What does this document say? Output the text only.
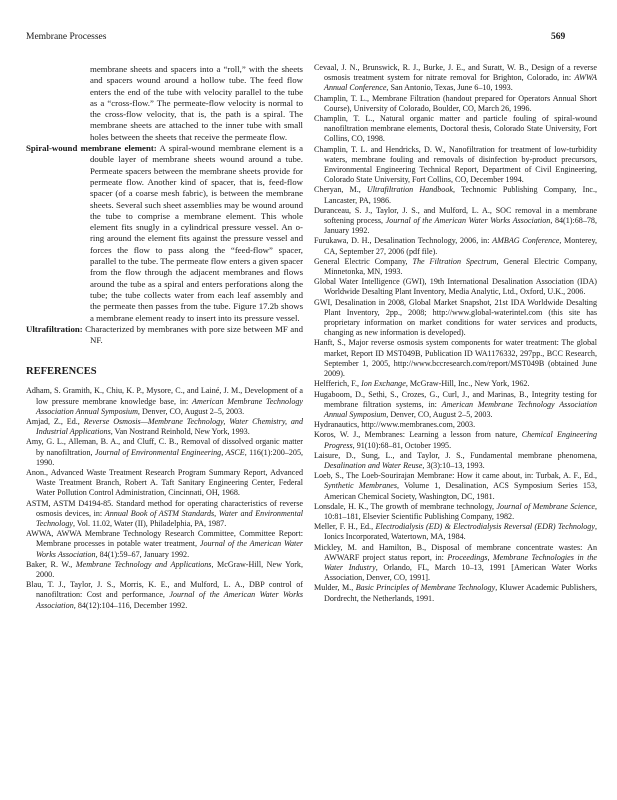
Membrane Processes	569

membrane sheets and spacers into a “roll,” with the sheets and spacers wound around a hollow tube. The feed flow enters the end of the tube with velocity parallel to the tube as a “cross-flow.” The permeate-flow velocity is normal to the cross-flow velocity, that is, the path is a spiral. The membrane sheets are attached to the inner tube with small holes between the sheets that receive the permeate flow.

Spiral-wound membrane element: A spiral-wound membrane element is a double layer of membrane sheets wound around a tube. Permeate spacers between the membrane sheets provide for permeate flow. Another kind of spacer, that is, feed-flow spacer (of a coarse mesh fabric), is between the membrane sheets. Several such sheet assemblies may be wound around the tube to comprise a membrane element. This whole element fits snugly in a cylindrical pressure vessel. An o-ring around the element fits against the pressure vessel and forces the flow to pass along the “feed-flow” spacer, parallel to the tube. The permeate flow enters a given spacer from the flow through the adjacent membranes and flows around the tube as a spiral and enters perforations along the tube; the tube collects water from each leaf assembly and the permeate then passes from the tube. Figure 17.2b shows a membrane element ready to insert into its pressure vessel.

Ultrafiltration: Characterized by membranes with pore size between MF and NF.

REFERENCES

Adham, S. Gramith, K., Chiu, K. P., Mysore, C., and Lainé, J. M., Development of a low pressure membrane knowledge base, in: American Membrane Technology Association Annual Symposium, Denver, CO, August 2–5, 2003.

Amjad, Z., Ed., Reverse Osmosis—Membrane Technology, Water Chemistry, and Industrial Applications, Van Nostrand Reinhold, New York, 1993.

Amy, G. L., Alleman, B. A., and Cluff, C. B., Removal of dissolved organic matter by nanofiltration, Journal of Environmental Engineering, ASCE, 116(1):200–205, 1990.

Anon., Advanced Waste Treatment Research Program Summary Report, Advanced Waste Treatment Branch, Robert A. Taft Sanitary Engineering Center, Federal Water Pollution Control Administration, Cincinnati, OH, 1968.

ASTM, ASTM D4194-85. Standard method for operating characteristics of reverse osmosis devices, in: Annual Book of ASTM Standards, Water and Environmental Technology, Vol. 11.02, Water (II), Philadelphia, PA, 1987.

AWWA, AWWA Membrane Technology Research Committee, Committee Report: Membrane processes in potable water treatment, Journal of the American Water Works Association, 84(1):59–67, January 1992.

Baker, R. W., Membrane Technology and Applications, McGraw-Hill, New York, 2000.

Blau, T. J., Taylor, J. S., Morris, K. E., and Mulford, L. A., DBP control of nanofiltration: Cost and performance, Journal of the American Water Works Association, 84(12):104–116, December 1992.

Cevaal, J. N., Brunswick, R. J., Burke, J. E., and Suratt, W. B., Design of a reverse osmosis treatment system for nitrate removal for Brighton, Colorado, in: AWWA Annual Conference, San Antonio, Texas, June 6–10, 1993.

Champlin, T. L., Membrane Filtration (handout prepared for Operators Annual Short Course), University of Colorado, Boulder, CO, March 26, 1996.

Champlin, T. L., Natural organic matter and particle fouling of spiral-wound nanofiltration membrane elements, Doctoral thesis, Colorado State University, Fort Collins, CO, 1998.

Champlin, T. L. and Hendricks, D. W., Nanofiltration for treatment of low-turbidity waters, membrane fouling and removals of disinfection by-product precursors, Environmental Engineering Technical Report, Department of Civil Engineering, Colorado State University, Fort Collins, CO, December 1994.

Cheryan, M., Ultrafiltration Handbook, Technomic Publishing Company, Inc., Lancaster, PA, 1986.

Duranceau, S. J., Taylor, J. S., and Mulford, L. A., SOC removal in a membrane softening process, Journal of the American Water Works Association, 84(1):68–78, January 1992.

Furukawa, D. H., Desalination Technology, 2006, in: AMBAG Conference, Monterey, CA, September 27, 2006 (pdf file).

General Electric Company, The Filtration Spectrum, General Electric Company, Minnetonka, MN, 1993.

Global Water Intelligence (GWI), 19th International Desalination Association (IDA) Worldwide Desalting Plant Inventory, Media Analytic, Ltd., Oxford, U.K., 2006.

GWI, Desalination in 2008, Global Market Snapshot, 21st IDA Worldwide Desalting Plant Inventory, 2pp., 2008; http://www.global-waterintel.com (this site has proprietary information on market conditions for water services and products, changing as new information is developed).

Hanft, S., Major reverse osmosis system components for water treatment: The global market, Report ID MST049B, Publication ID WA1176332, 297pp., BCC Research, September 1, 2005, http://www.bccresearch.com/report/MST049B (obtained June 2009).

Helfferich, F., Ion Exchange, McGraw-Hill, Inc., New York, 1962.

Hugaboom, D., Sethi, S., Crozes, G., Curl, J., and Marinas, B., Integrity testing for membrane filtration systems, in: American Membrane Technology Association Annual Symposium, Denver, CO, August 2–5, 2003.

Hydranautics, http://www.membranes.com, 2003.

Koros, W. J., Membranes: Learning a lesson from nature, Chemical Engineering Progress, 91(10):68–81, October 1995.

Laisure, D., Sung, L., and Taylor, J. S., Fundamental membrane phenomena, Desalination and Water Reuse, 3(3):10–13, 1993.

Loeb, S., The Loeb-Sourirajan Membrane: How it came about, in: Turbak, A. F., Ed., Synthetic Membranes, Volume 1, Desalination, ACS Symposium Series 153, American Chemical Society, Washington, DC, 1981.

Lonsdale, H. K., The growth of membrane technology, Journal of Membrane Science, 10:81–181, Elsevier Scientific Publishing Company, 1982.

Meller, F. H., Ed., Electrodialysis (ED) & Electrodialysis Reversal (EDR) Technology, Ionics Incorporated, Watertown, MA, 1984.

Mickley, M. and Hamilton, B., Disposal of membrane concentrate wastes: An AWWARF project status report, in: Proceedings, Membrane Technologies in the Water Industry, Orlando, FL, March 10–13, 1991 [American Water Works Association, Denver, CO, 1991].

Mulder, M., Basic Principles of Membrane Technology, Kluwer Academic Publishers, Dordrecht, the Netherlands, 1991.
